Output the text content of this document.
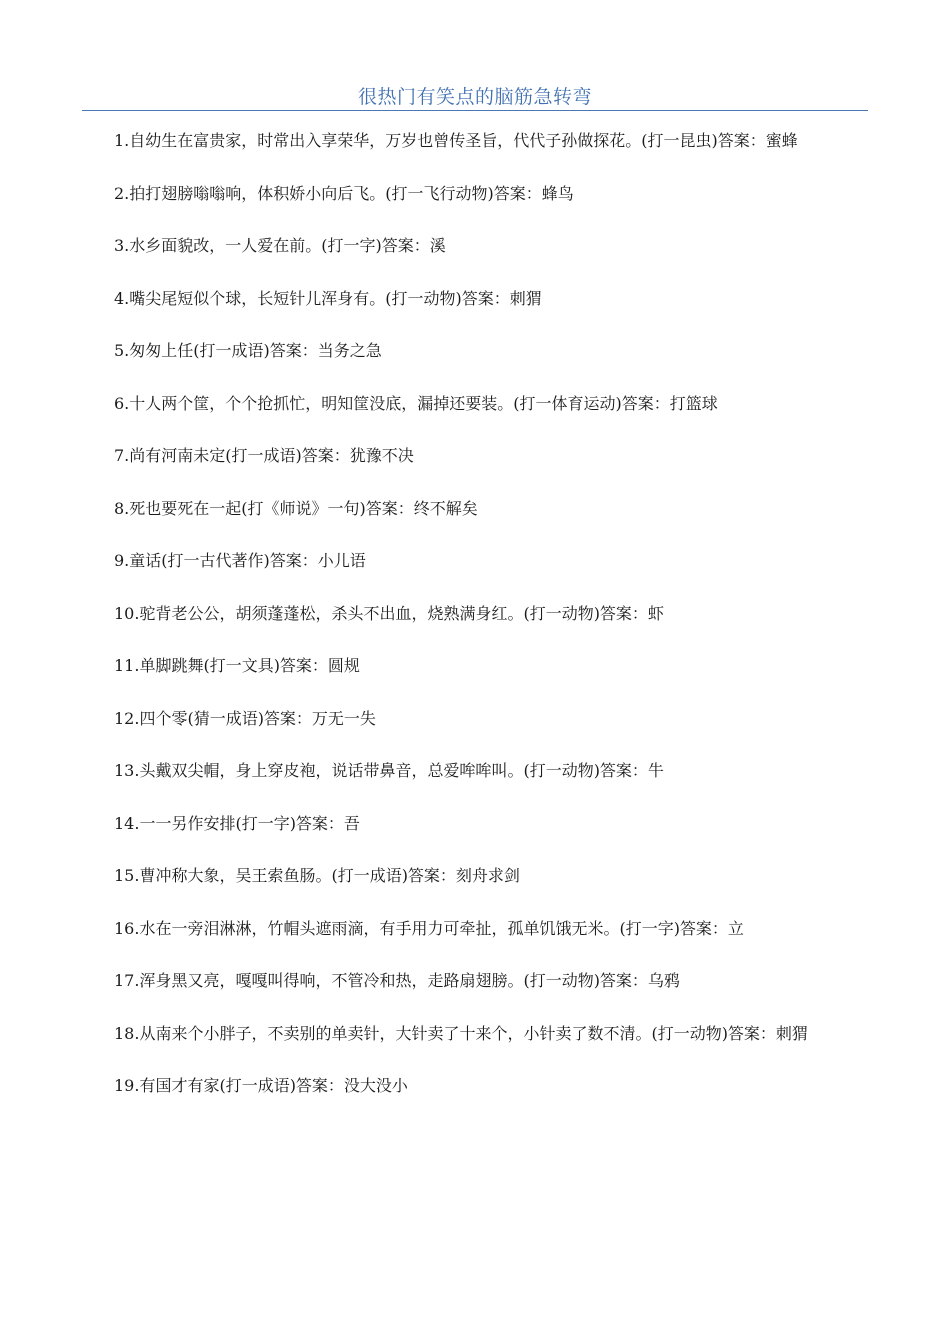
很热门有笑点的脑筋急转弯

1.自幼生在富贵家，时常出入享荣华，万岁也曾传圣旨，代代子孙做探花。(打一昆虫)答案：蜜蜂

2.拍打翅膀嗡嗡响，体积娇小向后飞。(打一飞行动物)答案：蜂鸟

3.水乡面貌改，一人爱在前。(打一字)答案：溪

4.嘴尖尾短似个球，长短针儿浑身有。(打一动物)答案：刺猬

5.匆匆上任(打一成语)答案：当务之急

6.十人两个筐，个个抢抓忙，明知筐没底，漏掉还要装。(打一体育运动)答案：打篮球

7.尚有河南未定(打一成语)答案：犹豫不决

8.死也要死在一起(打《师说》一句)答案：终不解矣

9.童话(打一古代著作)答案：小儿语

10.驼背老公公，胡须蓬蓬松，杀头不出血，烧熟满身红。(打一动物)答案：虾

11.单脚跳舞(打一文具)答案：圆规

12.四个零(猜一成语)答案：万无一失

13.头戴双尖帽，身上穿皮袍，说话带鼻音，总爱哞哞叫。(打一动物)答案：牛

14.一一另作安排(打一字)答案：吾

15.曹冲称大象，吴王索鱼肠。(打一成语)答案：刻舟求剑

16.水在一旁泪淋淋，竹帽头遮雨滴，有手用力可牵扯，孤单饥饿无米。(打一字)答案：立

17.浑身黑又亮，嘎嘎叫得响，不管冷和热，走路扇翅膀。(打一动物)答案：乌鸦

18.从南来个小胖子，不卖别的单卖针，大针卖了十来个，小针卖了数不清。(打一动物)答案：刺猬

19.有国才有家(打一成语)答案：没大没小
